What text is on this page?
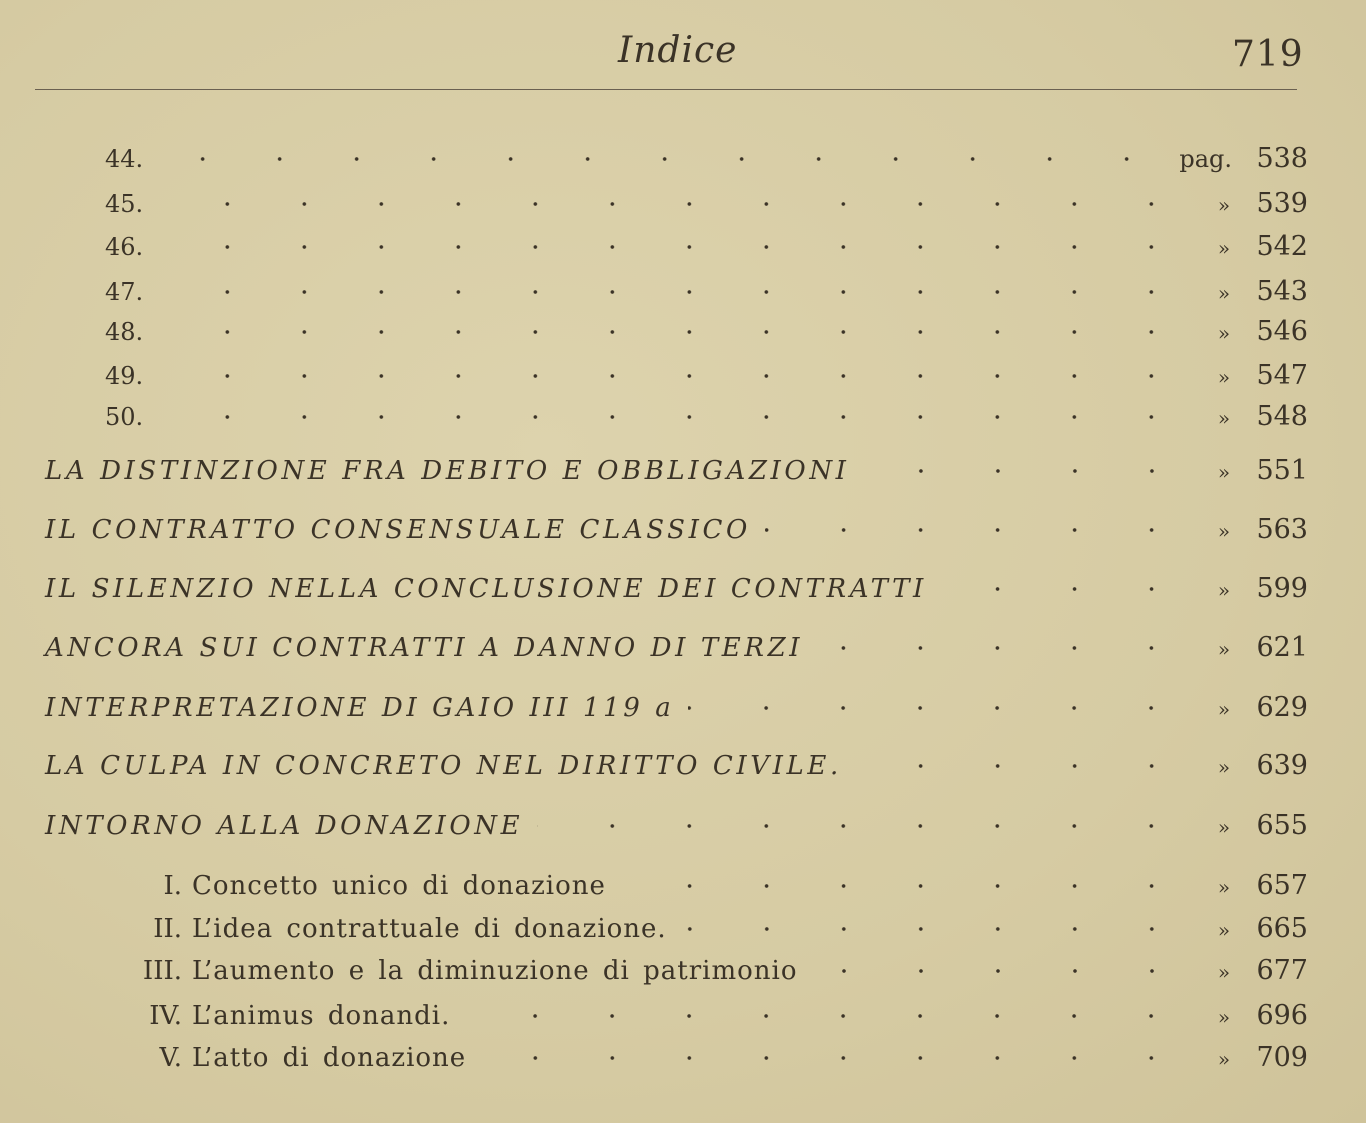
Indice	719
44.	pag. 538
45.	» 539
46.	» 542
47.	» 543
48.	» 546
49.	» 547
50.	» 548
LA DISTINZIONE FRA DEBITO E OBBLIGAZIONI	» 551
IL CONTRATTO CONSENSUALE CLASSICO	» 563
IL SILENZIO NELLA CONCLUSIONE DEI CONTRATTI	» 599
ANCORA SUI CONTRATTI A DANNO DI TERZI	» 621
INTERPRETAZIONE DI GAIO III 119 a	» 629
LA CULPA IN CONCRETO NEL DIRITTO CIVILE.	» 639
INTORNO ALLA DONAZIONE	» 655
I. Concetto unico di donazione	» 657
II. L’idea contrattuale di donazione.	» 665
III. L’aumento e la diminuzione di patrimonio	» 677
IV. L’animus donandi.	» 696
V. L’atto di donazione	» 709
